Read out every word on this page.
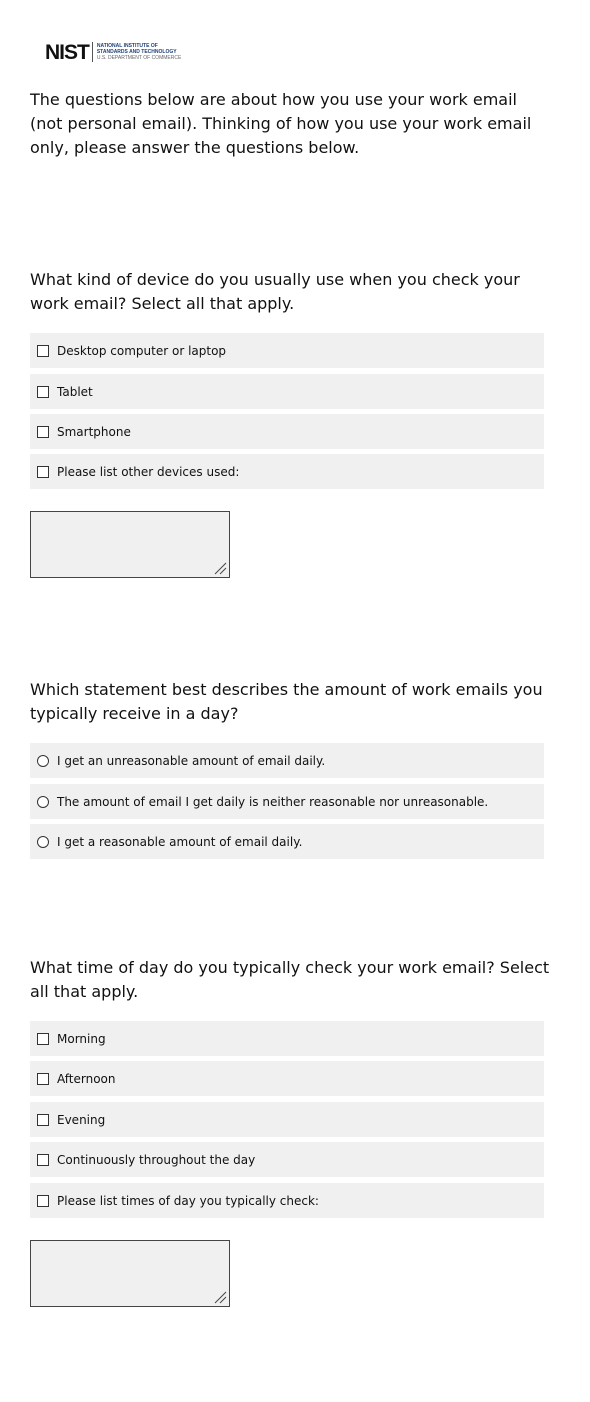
NIST NATIONAL INSTITUTE OF
STANDARDS AND TECHNOLOGY
U.S. DEPARTMENT OF COMMERCE
The questions below are about how you use your work email (not personal email). Thinking of how you use your work email only, please answer the questions below.
What kind of device do you usually use when you check your work email? Select all that apply.
Desktop computer or laptop
Tablet
Smartphone
Please list other devices used:
Which statement best describes the amount of work emails you typically receive in a day?
I get an unreasonable amount of email daily.
The amount of email I get daily is neither reasonable nor unreasonable.
I get a reasonable amount of email daily.
What time of day do you typically check your work email? Select all that apply.
Morning
Afternoon
Evening
Continuously throughout the day
Please list times of day you typically check:
